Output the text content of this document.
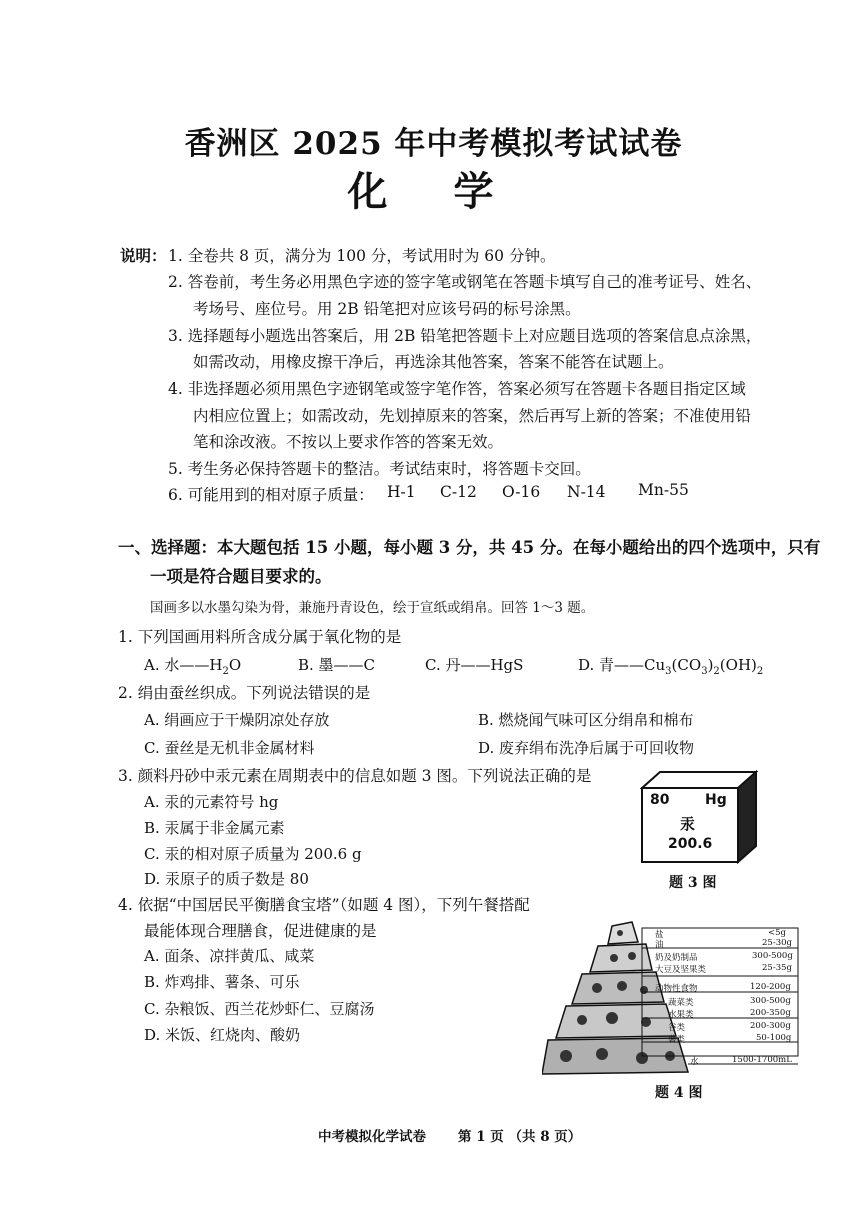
香洲区 2025 年中考模拟考试试卷
化 学
说明： 1. 全卷共 8 页，满分为 100 分，考试用时为 60 分钟。
2. 答卷前，考生务必用黑色字迹的签字笔或钢笔在答题卡填写自己的准考证号、姓名、
考场号、座位号。用 2B 铅笔把对应该号码的标号涂黑。
3. 选择题每小题选出答案后，用 2B 铅笔把答题卡上对应题目选项的答案信息点涂黑，
如需改动，用橡皮擦干净后，再选涂其他答案，答案不能答在试题上。
4. 非选择题必须用黑色字迹钢笔或签字笔作答，答案必须写在答题卡各题目指定区域
内相应位置上；如需改动，先划掉原来的答案，然后再写上新的答案；不准使用铅
笔和涂改液。不按以上要求作答的答案无效。
5. 考生务必保持答题卡的整洁。考试结束时，将答题卡交回。
6. 可能用到的相对原子质量： H-1 C-12 O-16 N-14 Mn-55
一、选择题：本大题包括 15 小题，每小题 3 分，共 45 分。在每小题给出的四个选项中，只有
一项是符合题目要求的。
国画多以水墨勾染为骨，兼施丹青设色，绘于宣纸或绢帛。回答 1～3 题。
1. 下列国画用料所含成分属于氧化物的是
A. 水$——H_2O$	B. 墨——C	C. 丹——HgS	D. 青$——Cu_3(CO_3)_2(OH)_2$
2. 绢由蚕丝织成。下列说法错误的是
A. 绢画应于干燥阴凉处存放	B. 燃烧闻气味可区分绢帛和棉布
C. 蚕丝是无机非金属材料	D. 废弃绢布洗净后属于可回收物
3. 颜料丹砂中汞元素在周期表中的信息如题 3 图。下列说法正确的是
A. 汞的元素符号 hg
B. 汞属于非金属元素
C. 汞的相对原子质量为 200.6 g
D. 汞原子的质子数是 80
80	Hg
汞
200.6
题 3 图
4. 依据“中国居民平衡膳食宝塔”（如题 4 图），下列午餐搭配
最能体现合理膳食，促进健康的是
A. 面条、凉拌黄瓜、咸菜
B. 炸鸡排、薯条、可乐
C. 杂粮饭、西兰花炒虾仁、豆腐汤
D. 米饭、红烧肉、酸奶
盐	<5g
油	25-30g
奶及奶制品	300-500g
大豆及坚果类	25-35g
动物性食物	120-200g
蔬菜类	300-500g
水果类	200-350g
谷类	200-300g
薯类	50-100g
水	1500-1700mL
题 4 图
中考模拟化学试卷 第 1 页 （共 8 页）
